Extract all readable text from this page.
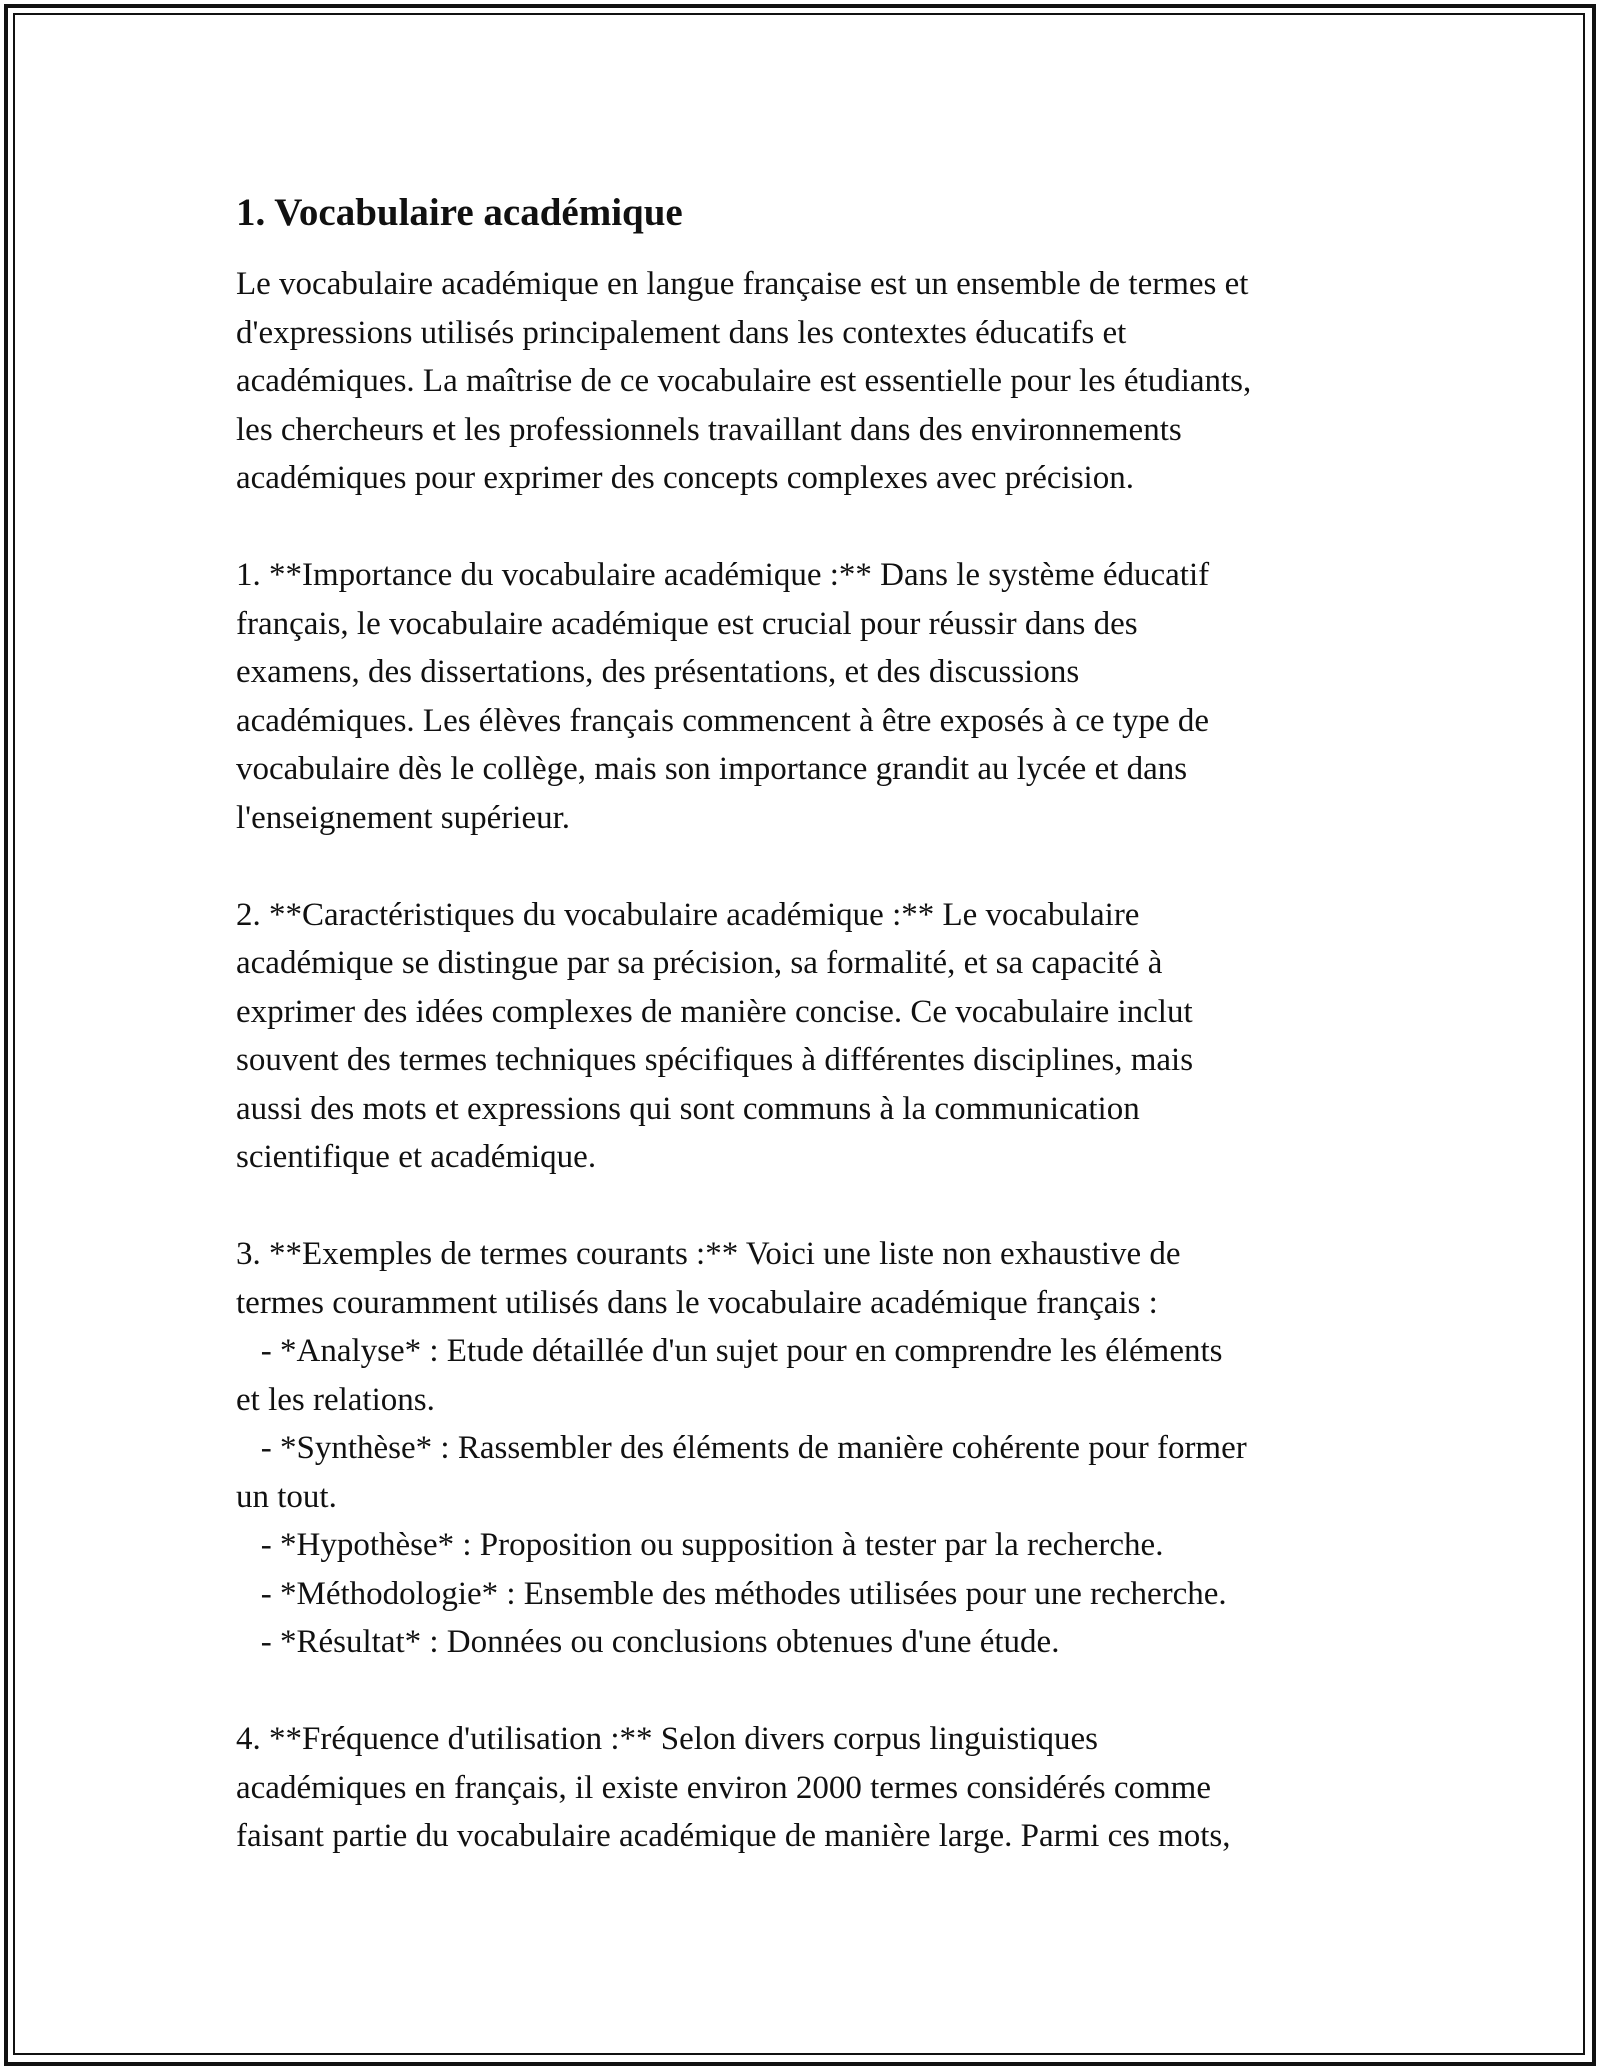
1. Vocabulaire académique
Le vocabulaire académique en langue française est un ensemble de termes et
d'expressions utilisés principalement dans les contextes éducatifs et
académiques. La maîtrise de ce vocabulaire est essentielle pour les étudiants,
les chercheurs et les professionnels travaillant dans des environnements
académiques pour exprimer des concepts complexes avec précision.
1. **Importance du vocabulaire académique :** Dans le système éducatif
français, le vocabulaire académique est crucial pour réussir dans des
examens, des dissertations, des présentations, et des discussions
académiques. Les élèves français commencent à être exposés à ce type de
vocabulaire dès le collège, mais son importance grandit au lycée et dans
l'enseignement supérieur.
2. **Caractéristiques du vocabulaire académique :** Le vocabulaire
académique se distingue par sa précision, sa formalité, et sa capacité à
exprimer des idées complexes de manière concise. Ce vocabulaire inclut
souvent des termes techniques spécifiques à différentes disciplines, mais
aussi des mots et expressions qui sont communs à la communication
scientifique et académique.
3. **Exemples de termes courants :** Voici une liste non exhaustive de
termes couramment utilisés dans le vocabulaire académique français :
- *Analyse* : Etude détaillée d'un sujet pour en comprendre les éléments
et les relations.
- *Synthèse* : Rassembler des éléments de manière cohérente pour former
un tout.
- *Hypothèse* : Proposition ou supposition à tester par la recherche.
- *Méthodologie* : Ensemble des méthodes utilisées pour une recherche.
- *Résultat* : Données ou conclusions obtenues d'une étude.
4. **Fréquence d'utilisation :** Selon divers corpus linguistiques
académiques en français, il existe environ 2000 termes considérés comme
faisant partie du vocabulaire académique de manière large. Parmi ces mots,
